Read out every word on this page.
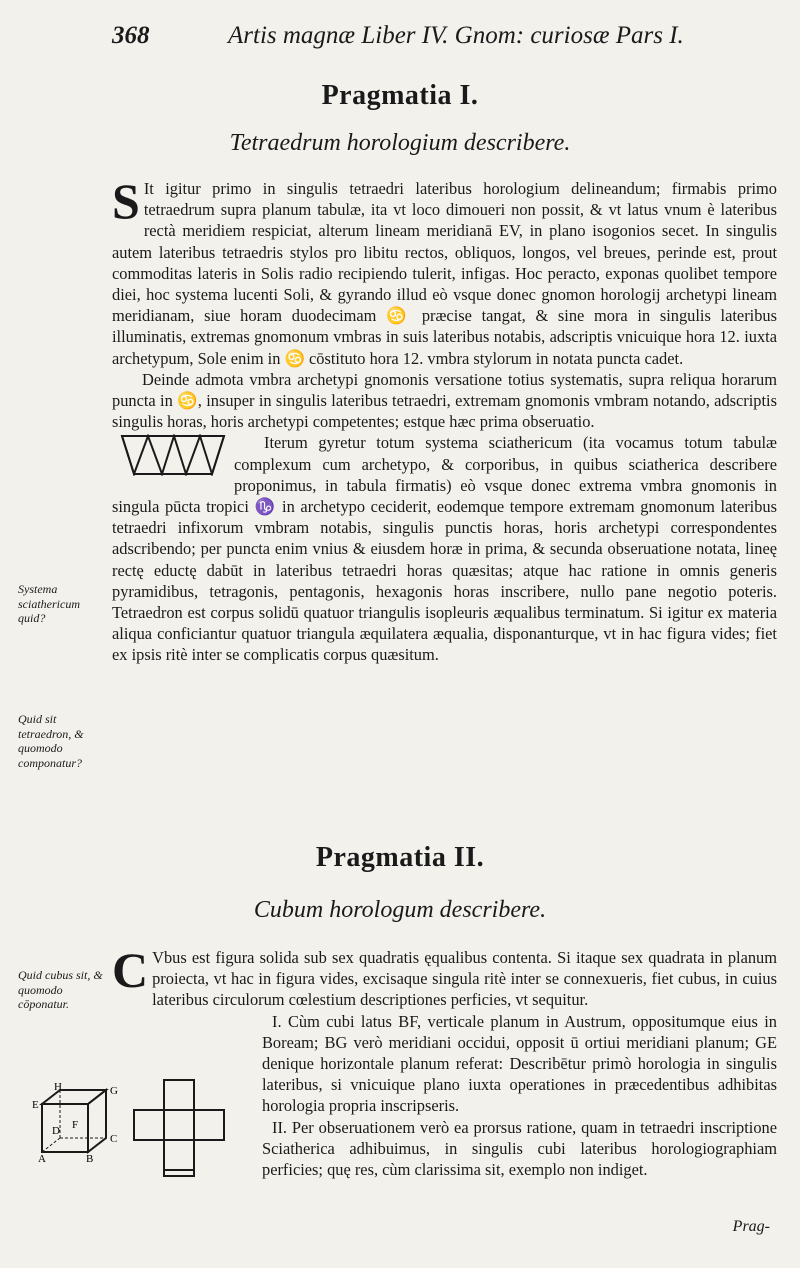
368	Artis magnæ Liber IV. Gnom: curiosæ Pars I.
Pragmatia I.
Tetraedrum horologium describere.

S It igitur primo in singulis tetraedri lateribus horologium delineandum; firmabis primo tetraedrum supra planum tabulæ, ita vt loco dimoueri non possit, & vt latus vnum è lateribus rectà meridiem respiciat, alterum lineam meridianā EV, in plano isogonios secet. In singulis autem lateribus tetraedris stylos pro libitu rectos, obliquos, longos, vel breues, perinde est, prout commoditas lateris in Solis radio recipiendo tulerit, infigas. Hoc peracto, exponas quolibet tempore diei, hoc systema lucenti Soli, & gyrando illud eò vsque donec gnomon horologij archetypi lineam meridianam, siue horam duodecimam ♋ præcise tangat, & sine mora in singulis lateribus illuminatis, extremas gnomonum vmbras in suis lateribus notabis, adscriptis vnicuique hora 12. iuxta archetypum, Sole enim in ♋ cōstituto hora 12. vmbra stylorum in notata puncta cadet.

Deinde admota vmbra archetypi gnomonis versatione totius systematis, supra reliqua horarum puncta in ♋, insuper in singulis lateribus tetraedri, extremam gnomonis vmbram notando, adscriptis singulis horas, horis archetypi competentes; estque hæc prima obseruatio.

Iterum gyretur totum systema sciathericum (ita vocamus totum tabulæ complexum cum archetypo, & corporibus, in quibus sciatherica describere proponimus, in tabula firmatis) eò vsque donec extrema vmbra gnomonis in singula pūcta tropici ♑ in archetypo ceciderit, eodemque tempore extremam gnomonum lateribus tetraedri infixorum vmbram notabis, singulis punctis horas, horis archetypi correspondentes adscribendo; per puncta enim vnius & eiusdem horæ in prima, & secunda obseruatione notata, lineę rectę eductę dabūt in lateribus tetraedri horas quæsitas; atque hac ratione in omnis generis pyramidibus, tetragonis, pentagonis, hexagonis horas inscribere, nullo pane negotio poteris. Tetraedron est corpus solidū quatuor triangulis isopleuris æqualibus terminatum. Si igitur ex materia aliqua conficiantur quatuor triangula æquilatera æqualia, disponanturque, vt in hac figura vides; fiet ex ipsis ritè inter se complicatis corpus quæsitum.

Systema sciathericum quid?
Quid sit tetraedron, & quomodo componatur?
Pragmatia II.
Cubum horologum describere.

C Vbus est figura solida sub sex quadratis ęqualibus contenta. Si itaque sex quadrata in planum proiecta, vt hac in figura vides, excisaque singula ritè inter se connexueris, fiet cubus, in cuius lateribus circulorum cœlestium descriptiones perficies, vt sequitur.

I. Cùm cubi latus BF, verticale planum in Austrum, oppositumque eius in Boream; BG verò meridiani occidui, opposit ū ortiui meridiani planum; GE denique horizontale planum referat: Describētur primò horologia in singulis lateribus, si vnicuique plano iuxta operationes in præcedentibus adhibitas horologia propria inscripseris.

II. Per obseruationem verò ea prorsus ratione, quam in tetraedri inscriptione Sciatherica adhibuimus, in singulis cubi lateribus horologiographiam perficies; quę res, cùm clarissima sit, exemplo non indiget.

Quid cubus sit, & quomodo cōponatur.
E
H	G
F
D
C
A	B
Prag-
